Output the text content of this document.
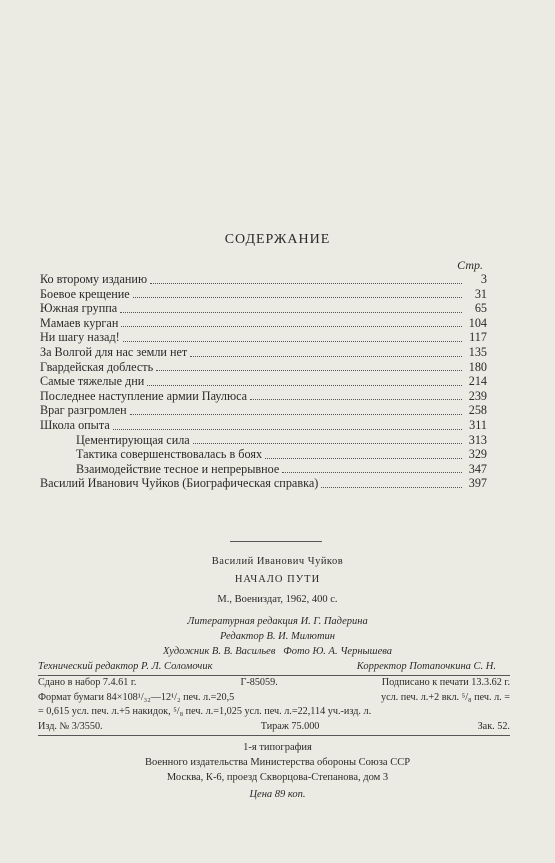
СОДЕРЖАНИЕ
Стр.
Ко второму изданию	3
Боевое крещение	31
Южная группа	65
Мамаев курган	104
Ни шагу назад!	117
За Волгой для нас земли нет	135
Гвардейская доблесть	180
Самые тяжелые дни	214
Последнее наступление армии Паулюса	239
Враг разгромлен	258
Школа опыта	311
Цементирующая сила	313
Тактика совершенствовалась в боях	329
Взаимодействие тесное и непрерывное	347
Василий Иванович Чуйков (Биографическая справка)	397
Василий Иванович Чуйков
НАЧАЛО ПУТИ
М., Воениздат, 1962, 400 с.
Литературная редакция И. Г. Падерина
Редактор В. И. Милютин
Художник В. В. Васильев Фото Ю. А. Чернышева
Технический редактор Р. Л. Соломочик	Корректор Потапочкина С. Н.
Сдано в набор 7.4.61 г.	Г-85059.	Подписано к печати 13.3.62 г.
Формат бумаги 84×108¹/₃₂—12¹/₂ печ. л.=20,5	усл. печ. л.+2 вкл. ⁵/₈ печ. л. =
= 0,615 усл. печ. л.+5 накидок, ⁵/₈ печ. л.=1,025 усл. печ. л.=22,114 уч.-изд. л.
Изд. № 3/3550.	Тираж 75.000	Зак. 52.
1-я типография
Военного издательства Министерства обороны Союза ССР
Москва, К-6, проезд Скворцова-Степанова, дом 3
Цена 89 коп.
